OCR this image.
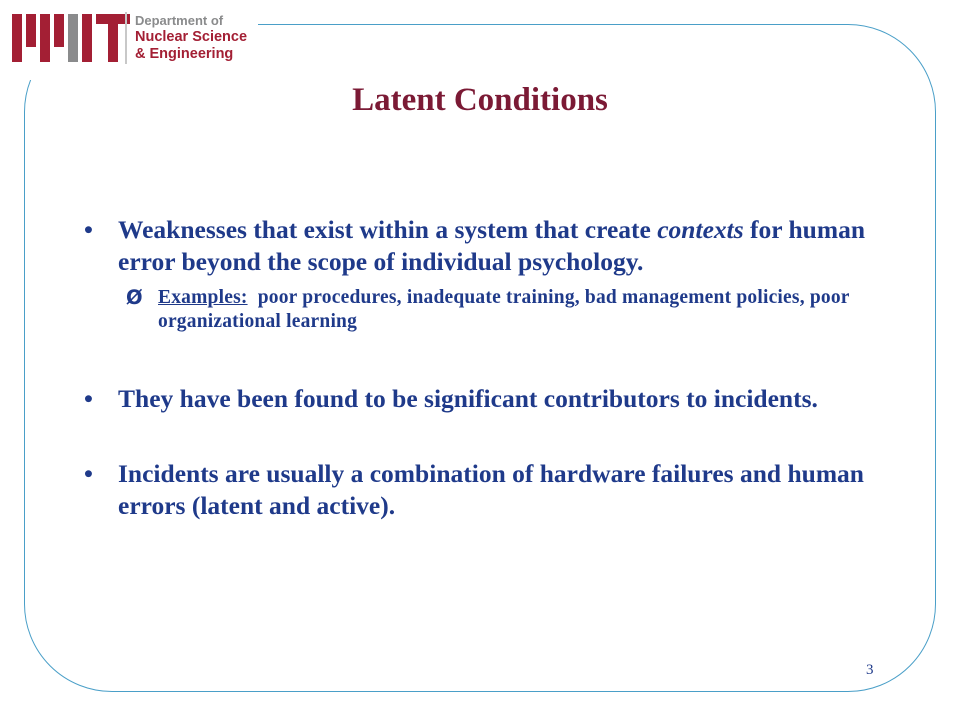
Department of
Nuclear Science
& Engineering
Latent Conditions
• Weaknesses that exist within a system that create contexts for human error beyond the scope of individual psychology.
Ø Examples:  poor procedures, inadequate training, bad management policies, poor organizational learning
• They have been found to be significant contributors to incidents.
• Incidents are usually a combination of hardware failures and human errors (latent and active).
3
